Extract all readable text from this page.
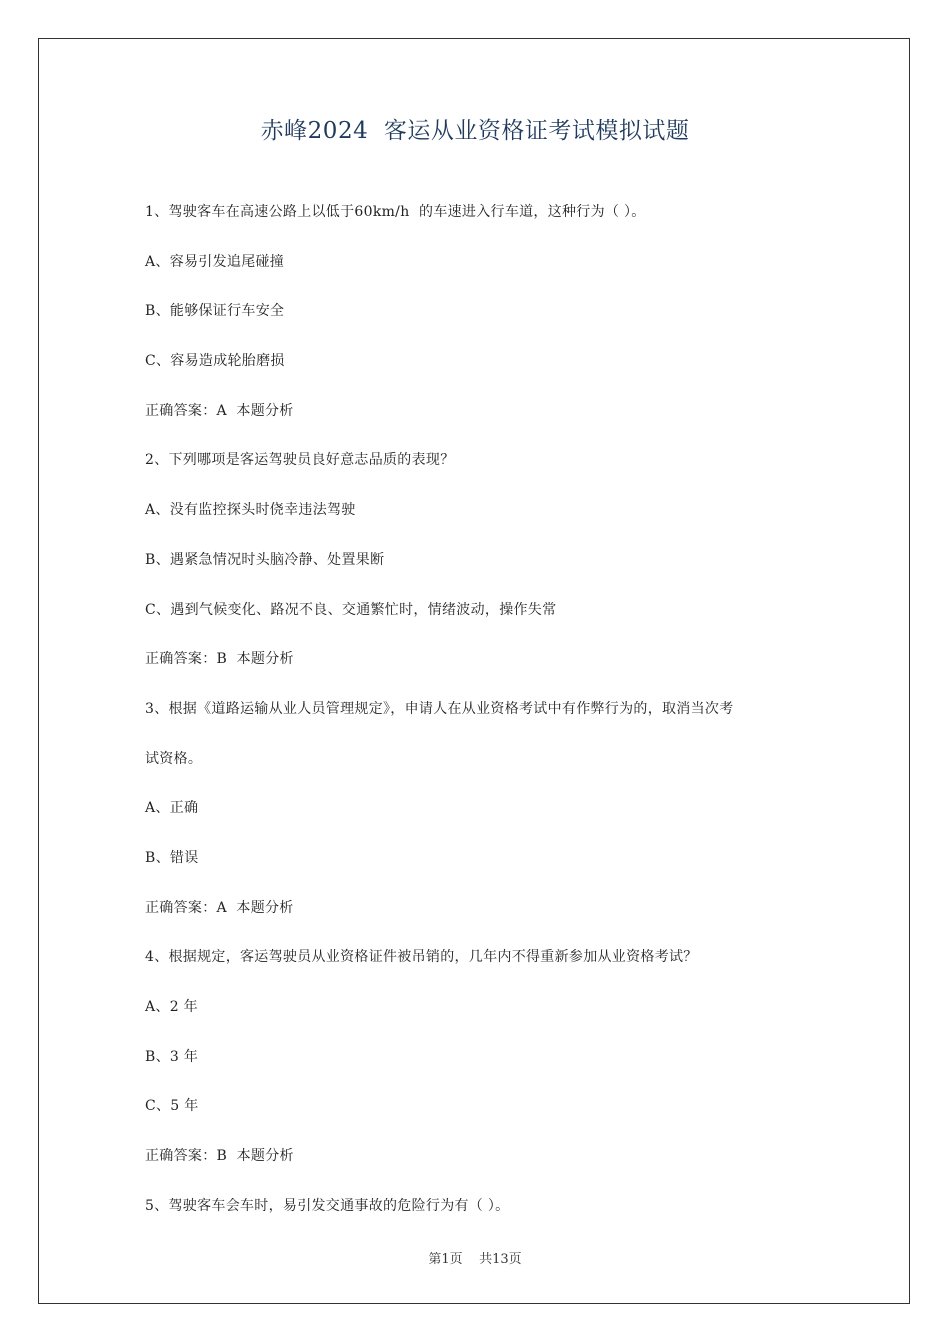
赤峰2024  客运从业资格证考试模拟试题
1、驾驶客车在高速公路上以低于60km/h  的车速进入行车道，这种行为（ ）。
A、容易引发追尾碰撞
B、能够保证行车安全
C、容易造成轮胎磨损
正确答案：A  本题分析
2、下列哪项是客运驾驶员良好意志品质的表现？
A、没有监控探头时侥幸违法驾驶
B、遇紧急情况时头脑冷静、处置果断
C、遇到气候变化、路况不良、交通繁忙时，情绪波动，操作失常
正确答案：B  本题分析
3、根据《道路运输从业人员管理规定》，申请人在从业资格考试中有作弊行为的，取消当次考
试资格。
A、正确
B、错误
正确答案：A  本题分析
4、根据规定，客运驾驶员从业资格证件被吊销的，几年内不得重新参加从业资格考试？
A、2 年
B、3 年
C、5 年
正确答案：B  本题分析
5、驾驶客车会车时，易引发交通事故的危险行为有（ ）。
第1页    共13页
